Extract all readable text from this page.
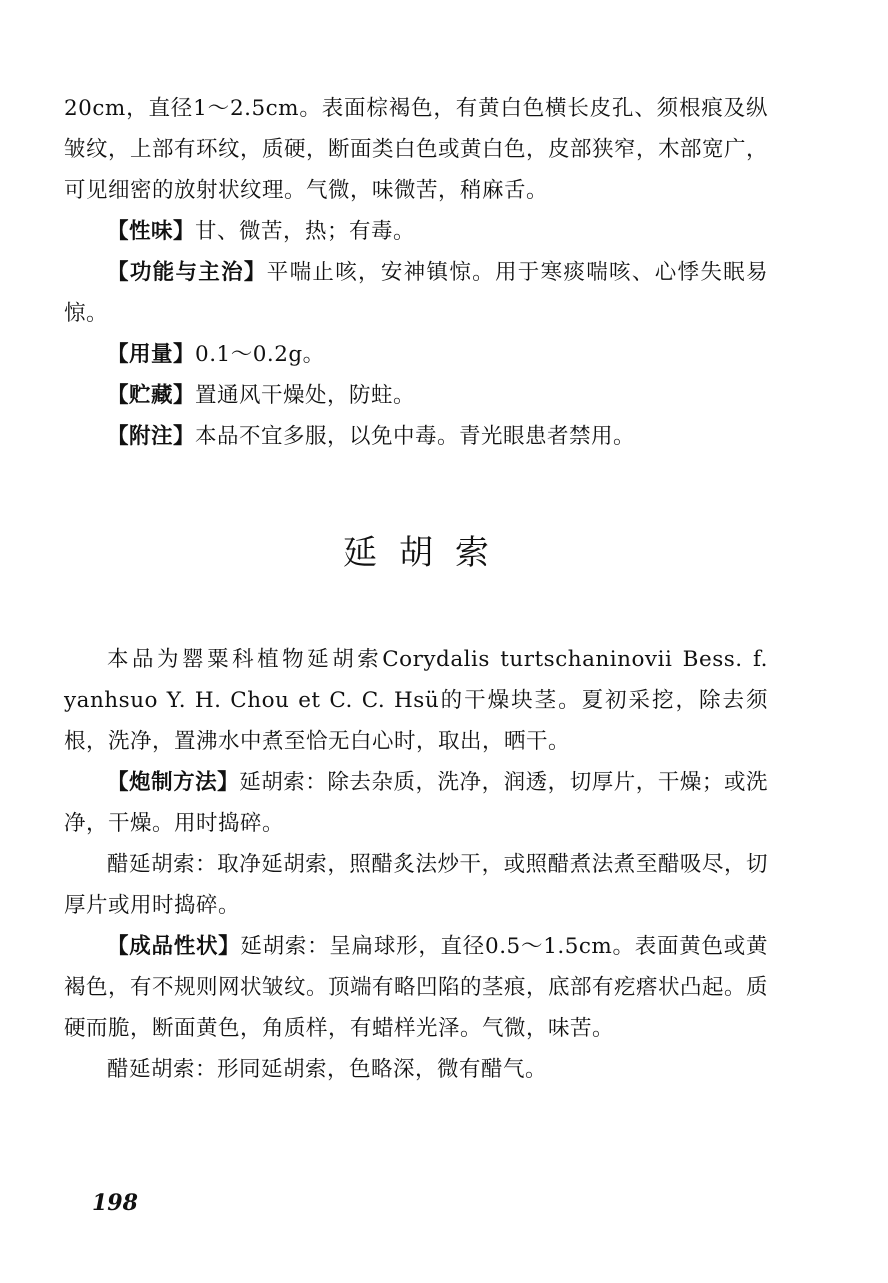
20cm，直径1～2.5cm。表面棕褐色，有黄白色横长皮孔、须根痕及纵皱纹，上部有环纹，质硬，断面类白色或黄白色，皮部狭窄，木部宽广，可见细密的放射状纹理。气微，味微苦，稍麻舌。

【性味】甘、微苦，热；有毒。

【功能与主治】平喘止咳，安神镇惊。用于寒痰喘咳、心悸失眠易惊。

【用量】0.1～0.2g。

【贮藏】置通风干燥处，防蛀。

【附注】本品不宜多服，以免中毒。青光眼患者禁用。

延胡索

本品为罂粟科植物延胡索Corydalis turtschaninovii Bess. f. yanhsuo Y. H. Chou et C. C. Hsü的干燥块茎。夏初采挖，除去须根，洗净，置沸水中煮至恰无白心时，取出，晒干。

【炮制方法】延胡索：除去杂质，洗净，润透，切厚片，干燥；或洗净，干燥。用时捣碎。

醋延胡索：取净延胡索，照醋炙法炒干，或照醋煮法煮至醋吸尽，切厚片或用时捣碎。

【成品性状】延胡索：呈扁球形，直径0.5～1.5cm。表面黄色或黄褐色，有不规则网状皱纹。顶端有略凹陷的茎痕，底部有疙瘩状凸起。质硬而脆，断面黄色，角质样，有蜡样光泽。气微，味苦。

醋延胡索：形同延胡索，色略深，微有醋气。

198
